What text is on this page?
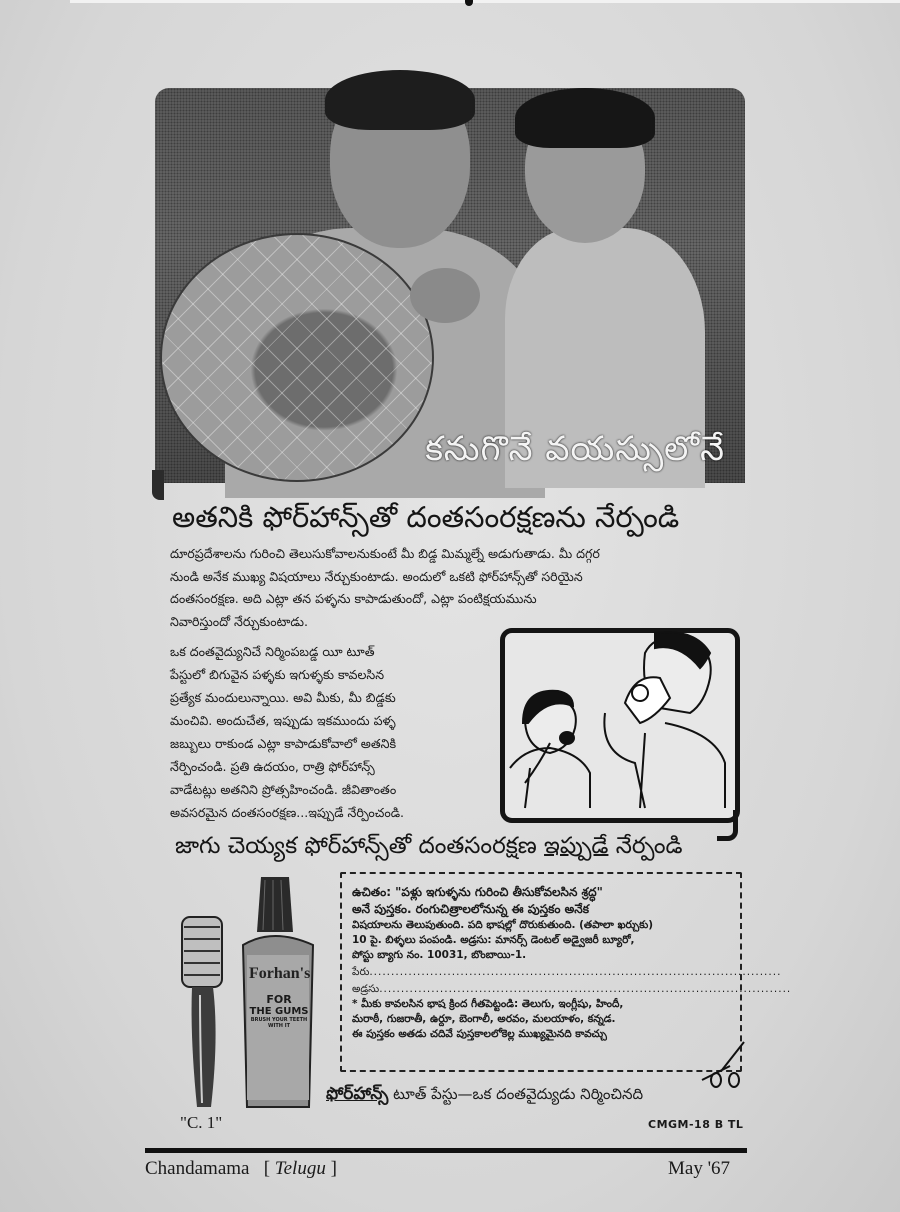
కనుగొనే వయస్సులోనే
అతనికి ఫోర్‌హాన్స్‌తో దంతసంరక్షణను నేర్పండి
దూరప్రదేశాలను గురించి తెలుసుకోవాలనుకుంటే మీ బిడ్డ మిమ్మల్నే అడుగుతాడు. మీ దగ్గర
నుండి అనేక ముఖ్య విషయాలు నేర్చుకుంటాడు. అందులో ఒకటి ఫోర్‌హాన్స్‌తో సరియైన
దంతసంరక్షణ. అది ఎట్లా తన పళ్ళను కాపాడుతుందో, ఎట్లా పంటిక్షయమును
నివారిస్తుందో నేర్చుకుంటాడు.
ఒక దంతవైద్యునిచే నిర్మింపబడ్డ యీ టూత్
పేస్టులో బిగువైన పళ్ళకు ఇగుళ్ళకు కావలసిన
ప్రత్యేక మందులున్నాయి. అవి మీకు, మీ బిడ్డకు
మంచివి. అందుచేత, ఇప్పుడు ఇకముందు పళ్ళ
జబ్బులు రాకుండ ఎట్లా కాపాడుకోవాలో అతనికి
నేర్పించండి. ప్రతి ఉదయం, రాత్రి ఫోర్‌హాన్స్
వాడేటట్లు అతనిని ప్రోత్సహించండి. జీవితాంతం
అవసరమైన దంతసంరక్షణ...ఇప్పుడే నేర్పించండి.
జాగు చెయ్యక ఫోర్‌హాన్స్‌తో దంతసంరక్షణ ఇప్పుడే నేర్పండి
Forhan's
FOR
THE GUMS
BRUSH YOUR TEETH
WITH IT
"C. 1"
ఉచితం: "పళ్లు ఇగుళ్ళను గురించి తీసుకోవలసిన శ్రద్ధ"
అనే పుస్తకం. రంగుచిత్రాలలోనున్న ఈ పుస్తకం అనేక
విషయాలను తెలుపుతుంది. పది భాషల్లో దొరుకుతుంది. (తపాలా ఖర్చుకు)
10 పై. బిళ్ళలు పంపండి. అడ్రసు: మానర్స్ డెంటల్ అడ్వైజరీ బ్యూరో,
పోస్టు బ్యాగు నం. 10031, బొంబాయి-1.
పేరు...............................................................................................
అడ్రసు...............................................................................................
* మీకు కావలసిన భాష క్రింద గీతపెట్టండి: తెలుగు, ఇంగ్లీషు, హిందీ,
మరాఠీ, గుజరాతీ, ఉర్దూ, బెంగాలీ, అరవం, మలయాళం, కన్నడ.
ఈ పుస్తకం అతడు చదివే పుస్తకాలలోకెల్ల ముఖ్యమైనది కావచ్చు
ఫోర్‌హాన్స్ టూత్ పేస్టు—ఒక దంతవైద్యుడు నిర్మించినది
CMGM-18 B TL
Chandamama   [ Telugu ]	May '67
